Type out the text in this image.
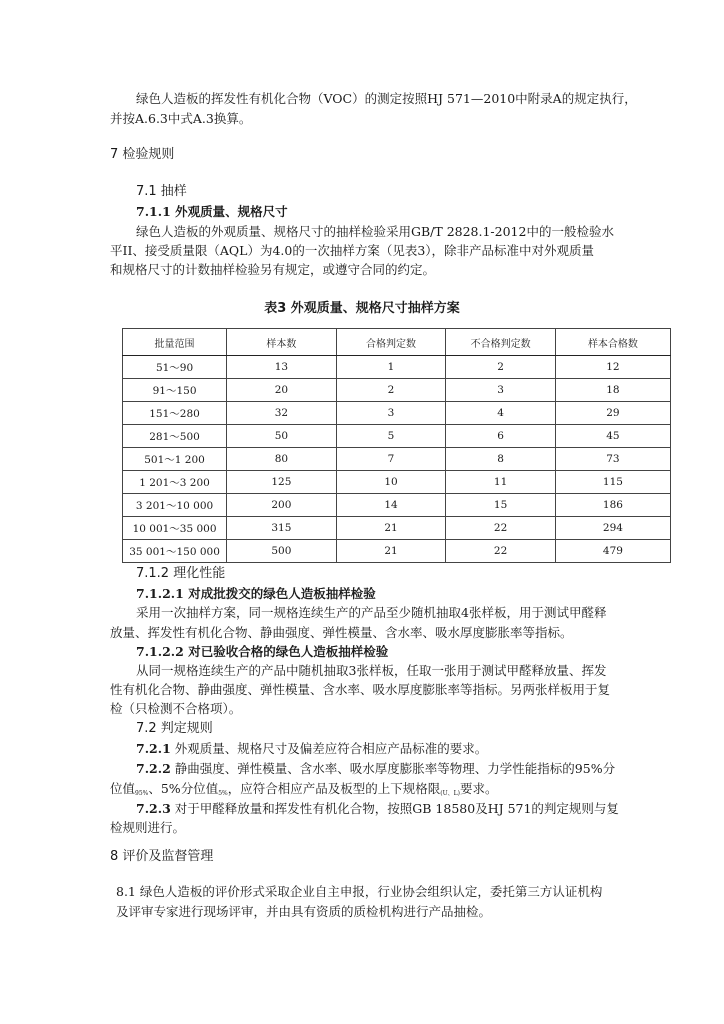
绿色人造板的挥发性有机化合物（VOC）的测定按照HJ 571—2010中附录A的规定执行，
并按A.6.3中式A.3换算。
7 检验规则
7.1 抽样
7.1.1 外观质量、规格尺寸
绿色人造板的外观质量、规格尺寸的抽样检验采用GB/T 2828.1-2012中的一般检验水
平II、接受质量限（AQL）为4.0的一次抽样方案（见表3），除非产品标准中对外观质量
和规格尺寸的计数抽样检验另有规定，或遵守合同的约定。
表3 外观质量、规格尺寸抽样方案
批量范围	样本数	合格判定数	不合格判定数	样本合格数
51～90	13	1	2	12
91～150	20	2	3	18
151～280	32	3	4	29
281～500	50	5	6	45
501～1 200	80	7	8	73
1 201～3 200	125	10	11	115
3 201～10 000	200	14	15	186
10 001～35 000	315	21	22	294
35 001～150 000	500	21	22	479
7.1.2 理化性能
7.1.2.1 对成批拨交的绿色人造板抽样检验
采用一次抽样方案，同一规格连续生产的产品至少随机抽取4张样板，用于测试甲醛释
放量、挥发性有机化合物、静曲强度、弹性模量、含水率、吸水厚度膨胀率等指标。
7.1.2.2 对已验收合格的绿色人造板抽样检验
从同一规格连续生产的产品中随机抽取3张样板，任取一张用于测试甲醛释放量、挥发
性有机化合物、静曲强度、弹性模量、含水率、吸水厚度膨胀率等指标。另两张样板用于复
检（只检测不合格项）。
7.2 判定规则
7.2.1 外观质量、规格尺寸及偏差应符合相应产品标准的要求。
7.2.2 静曲强度、弹性模量、含水率、吸水厚度膨胀率等物理、力学性能指标的95%分
位值$_{95\%}$、5%分位值$_{5\%}$，应符合相应产品及板型的上下规格限$_{(U、L)}$要求。
7.2.3 对于甲醛释放量和挥发性有机化合物，按照GB 18580及HJ 571的判定规则与复
检规则进行。
8 评价及监督管理
8.1 绿色人造板的评价形式采取企业自主申报，行业协会组织认定，委托第三方认证机构
及评审专家进行现场评审，并由具有资质的质检机构进行产品抽检。
